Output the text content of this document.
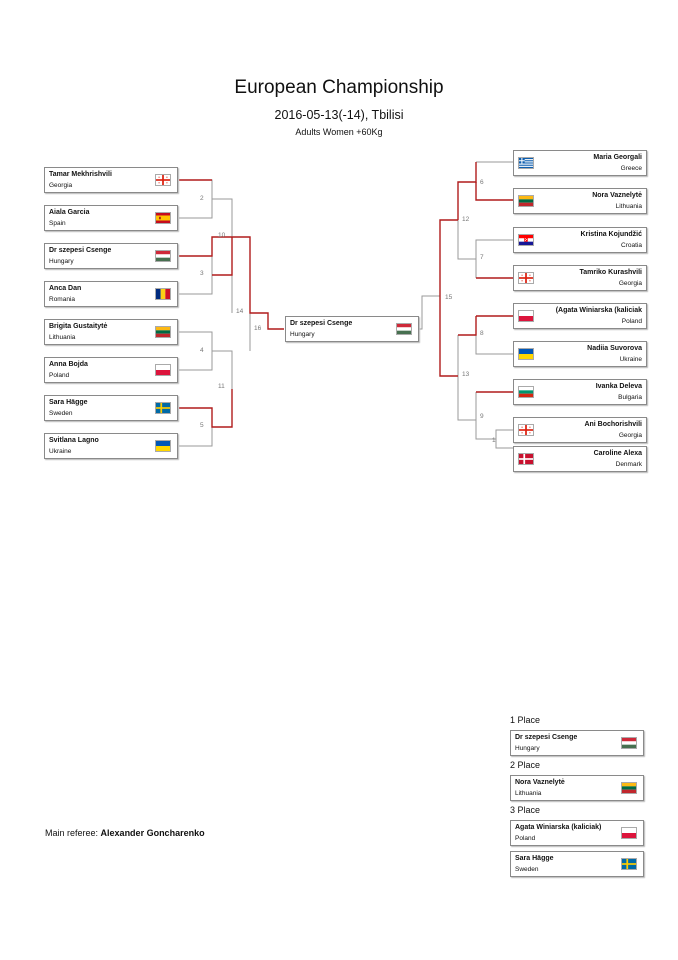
European Championship
2016-05-13(-14), Tbilisi
Adults Women +60Kg
1
2
3
4
5
6
7
8
9
10
11
12
13
14
15
16
Tamar Mekhrishvili
Georgia
Aiala Garcia
Spain
Dr szepesi Csenge
Hungary
Anca Dan
Romania
Brigita Gustaitytė
Lithuania
Anna Bojda
Poland
Sara Hägge
Sweden
Svitlana Lagno
Ukraine
Dr szepesi Csenge
Hungary
Maria Georgali
Greece
Nora Vaznelytė
Lithuania
Kristina Kojundžić
Croatia
Tamriko Kurashvili
Georgia
(Agata Winiarska (kaliciak
Poland
Nadiia Suvorova
Ukraine
Ivanka Deleva
Bulgaria
Ani Bochorishvili
Georgia
Caroline Alexa
Denmark
1 Place
Dr szepesi Csenge
Hungary
2 Place
Nora Vaznelytė
Lithuania
3 Place
Agata Winiarska (kaliciak)
Poland
Sara Hägge
Sweden
Main referee: Alexander Goncharenko
